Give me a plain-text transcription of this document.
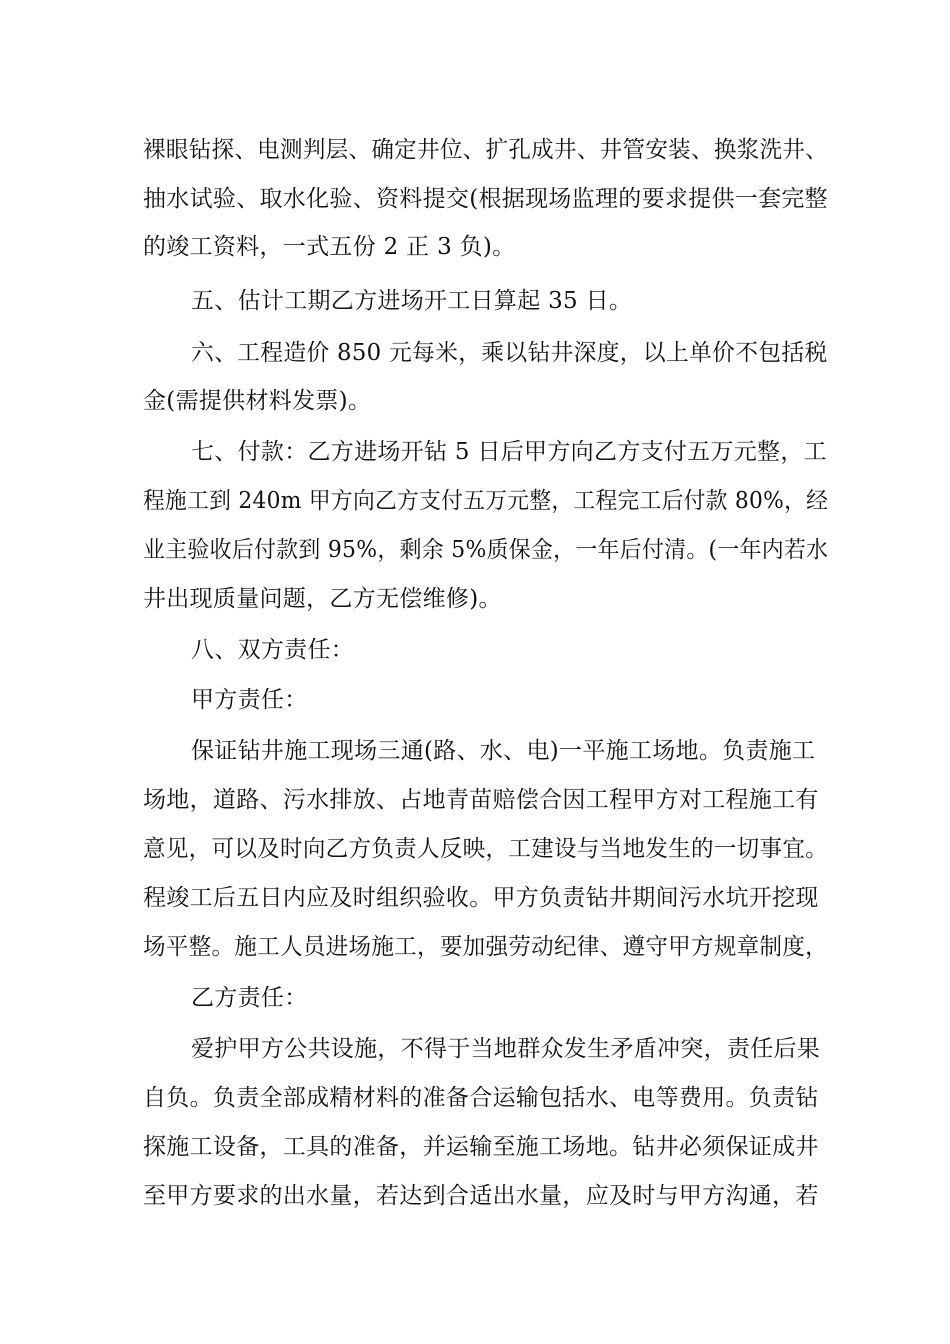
裸眼钻探、电测判层、确定井位、扩孔成井、井管安装、换浆洗井、
抽水试验、取水化验、资料提交(根据现场监理的要求提供一套完整
的竣工资料，一式五份 2 正 3 负)。
五、估计工期乙方进场开工日算起 35 日。
六、工程造价 850 元每米，乘以钻井深度，以上单价不包括税
金(需提供材料发票)。
七、付款：乙方进场开钻 5 日后甲方向乙方支付五万元整，工
程施工到 240m 甲方向乙方支付五万元整，工程完工后付款 80%，经
业主验收后付款到 95%，剩余 5%质保金，一年后付清。(一年内若水
井出现质量问题，乙方无偿维修)。
八、双方责任：
甲方责任：
保证钻井施工现场三通(路、水、电)一平施工场地。负责施工
场地，道路、污水排放、占地青苗赔偿合因工程甲方对工程施工有
意见，可以及时向乙方负责人反映，工建设与当地发生的一切事宜。
程竣工后五日内应及时组织验收。甲方负责钻井期间污水坑开挖现
场平整。施工人员进场施工，要加强劳动纪律、遵守甲方规章制度，
乙方责任：
爱护甲方公共设施，不得于当地群众发生矛盾冲突，责任后果
自负。负责全部成精材料的准备合运输包括水、电等费用。负责钻
探施工设备，工具的准备，并运输至施工场地。钻井必须保证成井
至甲方要求的出水量，若达到合适出水量，应及时与甲方沟通，若
